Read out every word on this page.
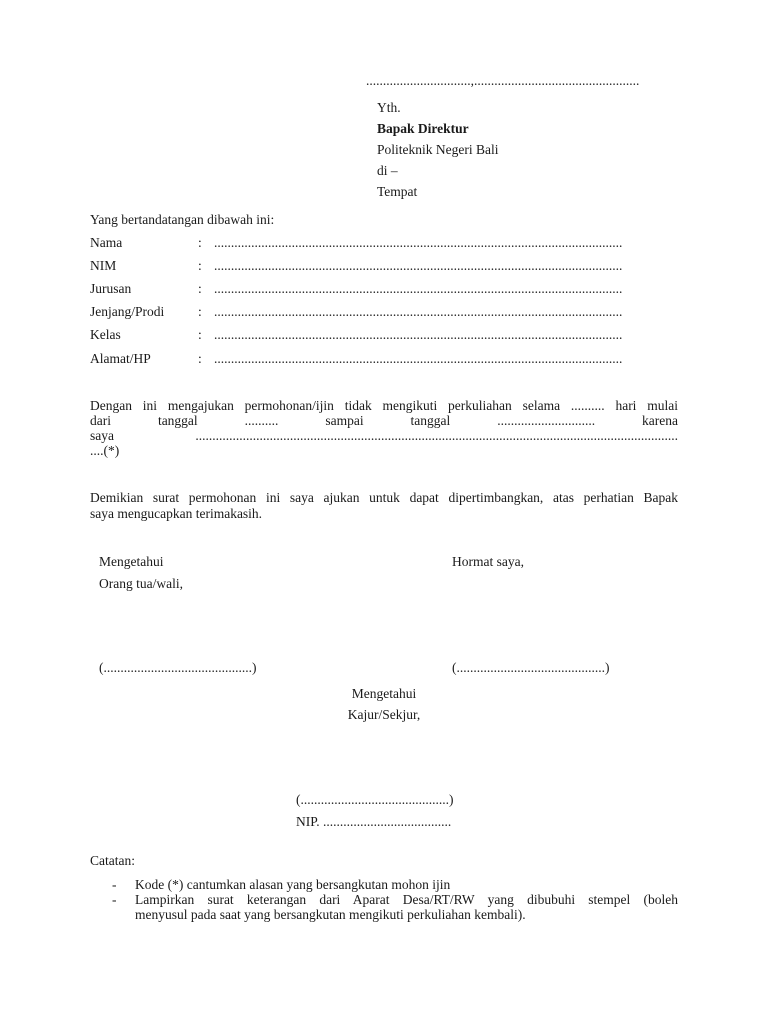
...............................,.................................................
Yth.
Bapak Direktur
Politeknik Negeri Bali
di –
Tempat
Yang bertandatangan dibawah ini:
Nama	: .........................................................................................................................
NIM	: .........................................................................................................................
Jurusan	: .........................................................................................................................
Jenjang/Prodi	: .........................................................................................................................
Kelas	: .........................................................................................................................
Alamat/HP	: .........................................................................................................................
Dengan ini mengajukan permohonan/ijin tidak mengikuti perkuliahan selama .......... hari mulai
dari tanggal .......... sampai tanggal ............................. karena
saya ...............................................................................................................................................
....(*)
Demikian surat permohonan ini saya ajukan untuk dapat dipertimbangkan, atas perhatian Bapak
saya mengucapkan terimakasih.
Mengetahui
Orang tua/wali,
Hormat saya,
(............................................)	(............................................)
Mengetahui
Kajur/Sekjur,
(............................................)
NIP. ......................................
Catatan:
- Kode (*) cantumkan alasan yang bersangkutan mohon ijin
- Lampirkan surat keterangan dari Aparat Desa/RT/RW yang dibubuhi stempel (boleh
menyusul pada saat yang bersangkutan mengikuti perkuliahan kembali).
